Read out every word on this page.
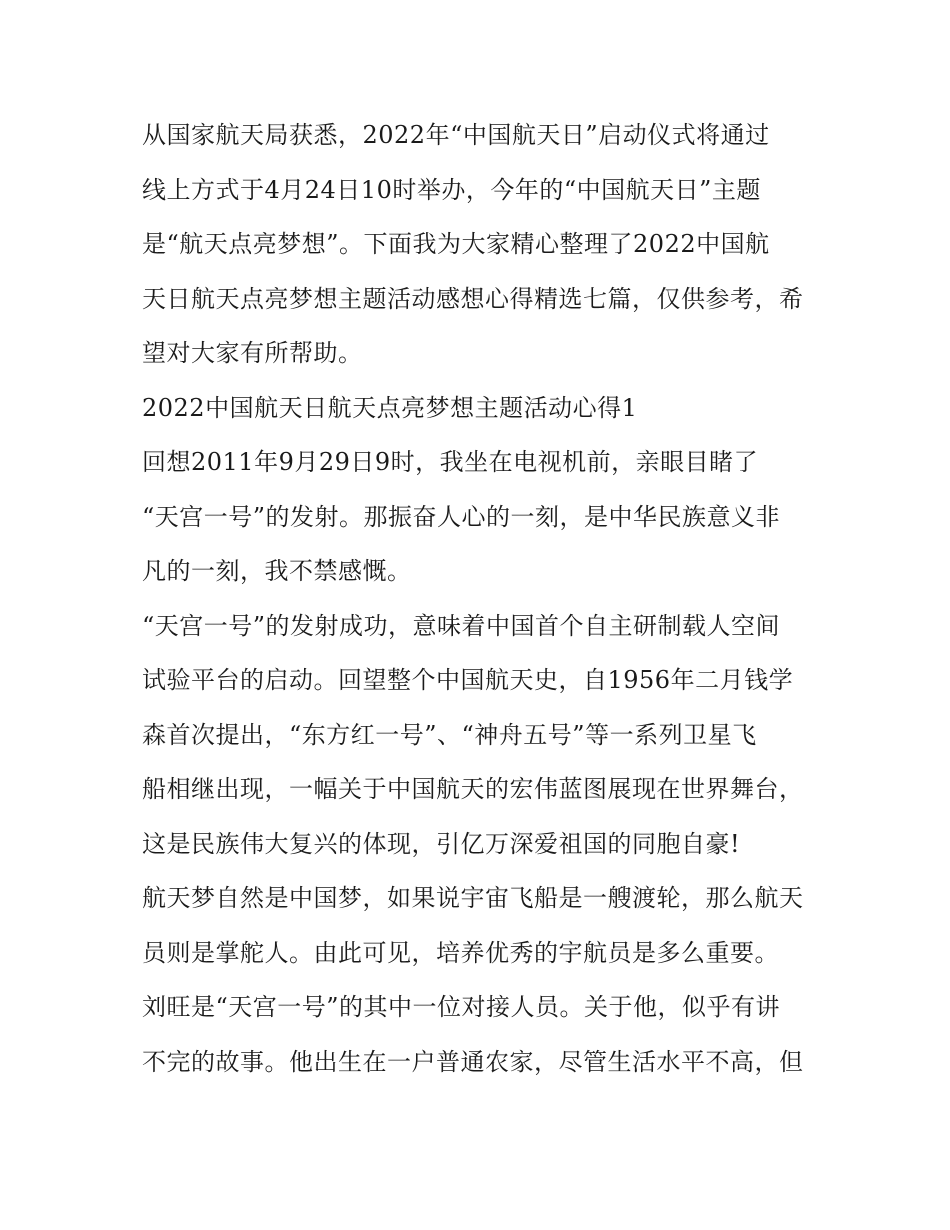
从国家航天局获悉，2022年“中国航天日”启动仪式将通过
线上方式于4月24日10时举办，今年的“中国航天日”主题
是“航天点亮梦想”。下面我为大家精心整理了2022中国航
天日航天点亮梦想主题活动感想心得精选七篇，仅供参考，希
望对大家有所帮助。
2022中国航天日航天点亮梦想主题活动心得1
回想2011年9月29日9时，我坐在电视机前，亲眼目睹了
“天宫一号”的发射。那振奋人心的一刻，是中华民族意义非
凡的一刻，我不禁感慨。
“天宫一号”的发射成功，意味着中国首个自主研制载人空间
试验平台的启动。回望整个中国航天史，自1956年二月钱学
森首次提出，“东方红一号”、“神舟五号”等一系列卫星飞
船相继出现，一幅关于中国航天的宏伟蓝图展现在世界舞台，
这是民族伟大复兴的体现，引亿万深爱祖国的同胞自豪!
航天梦自然是中国梦，如果说宇宙飞船是一艘渡轮，那么航天
员则是掌舵人。由此可见，培养优秀的宇航员是多么重要。
刘旺是“天宫一号”的其中一位对接人员。关于他，似乎有讲
不完的故事。他出生在一户普通农家，尽管生活水平不高，但
